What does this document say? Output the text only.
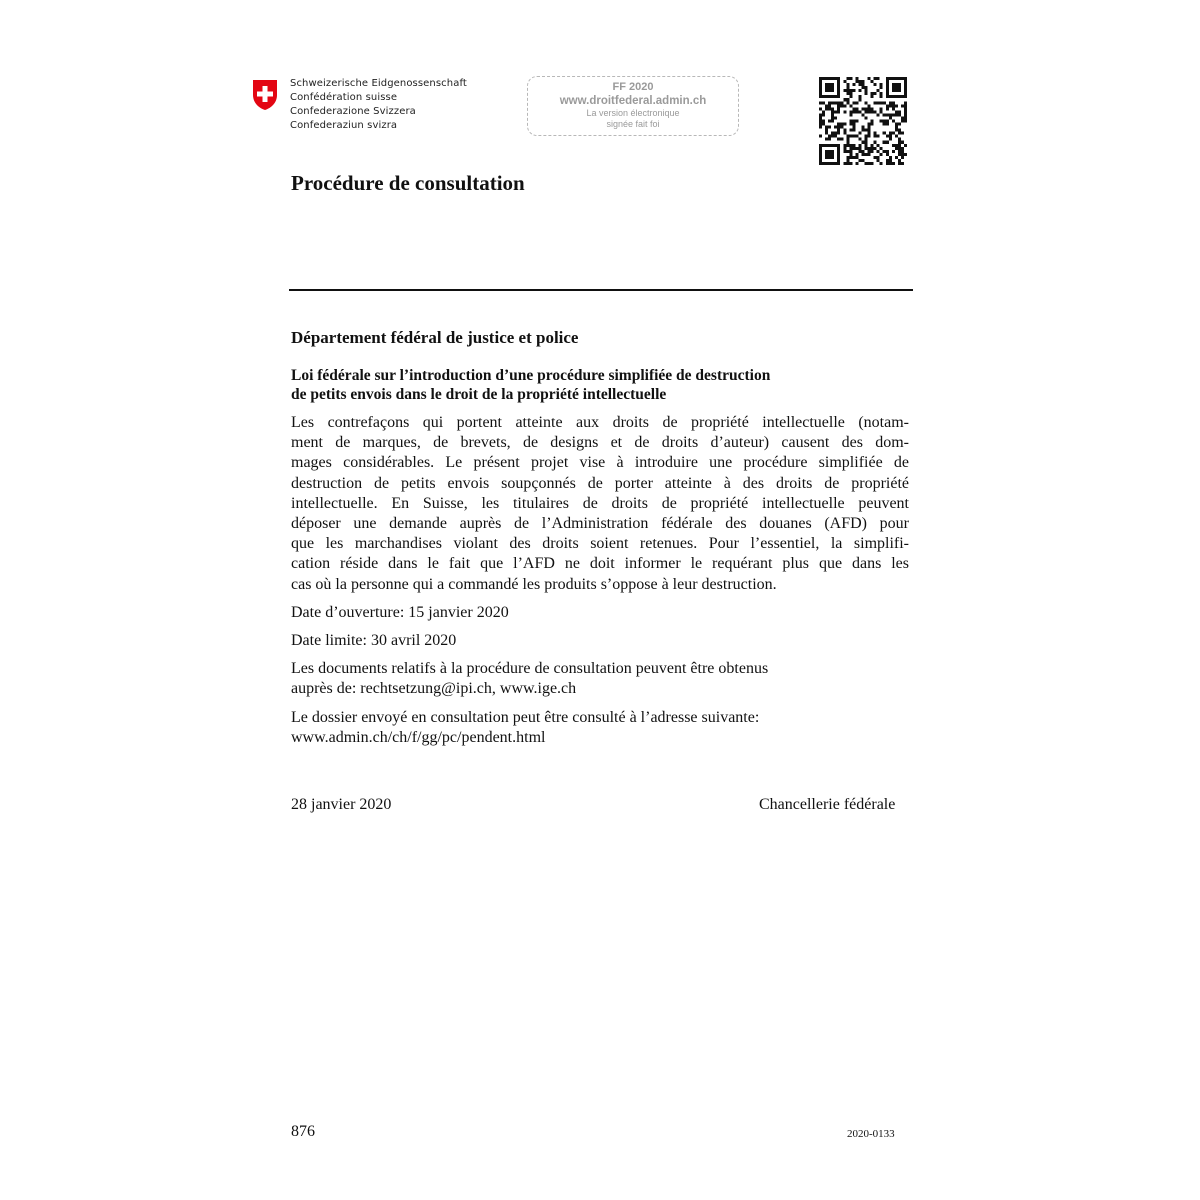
Schweizerische Eidgenossenschaft
Confédération suisse
Confederazione Svizzera
Confederaziun svizra
FF 2020
www.droitfederal.admin.ch
La version électronique
signée fait foi
Procédure de consultation
Département fédéral de justice et police
Loi fédérale sur l’introduction d’une procédure simplifiée de destruction
de petits envois dans le droit de la propriété intellectuelle

Les contrefaçons qui portent atteinte aux droits de propriété intellectuelle (notam-
ment de marques, de brevets, de designs et de droits d’auteur) causent des dom-
mages considérables. Le présent projet vise à introduire une procédure simplifiée de
destruction de petits envois soupçonnés de porter atteinte à des droits de propriété
intellectuelle. En Suisse, les titulaires de droits de propriété intellectuelle peuvent
déposer une demande auprès de l’Administration fédérale des douanes (AFD) pour
que les marchandises violant des droits soient retenues. Pour l’essentiel, la simplifi-
cation réside dans le fait que l’AFD ne doit informer le requérant plus que dans les
cas où la personne qui a commandé les produits s’oppose à leur destruction.

Date d’ouverture: 15 janvier 2020

Date limite: 30 avril 2020

Les documents relatifs à la procédure de consultation peuvent être obtenus
auprès de: rechtsetzung@ipi.ch, www.ige.ch

Le dossier envoyé en consultation peut être consulté à l’adresse suivante:
www.admin.ch/ch/f/gg/pc/pendent.html

28 janvier 2020	Chancellerie fédérale
876	2020-0133
